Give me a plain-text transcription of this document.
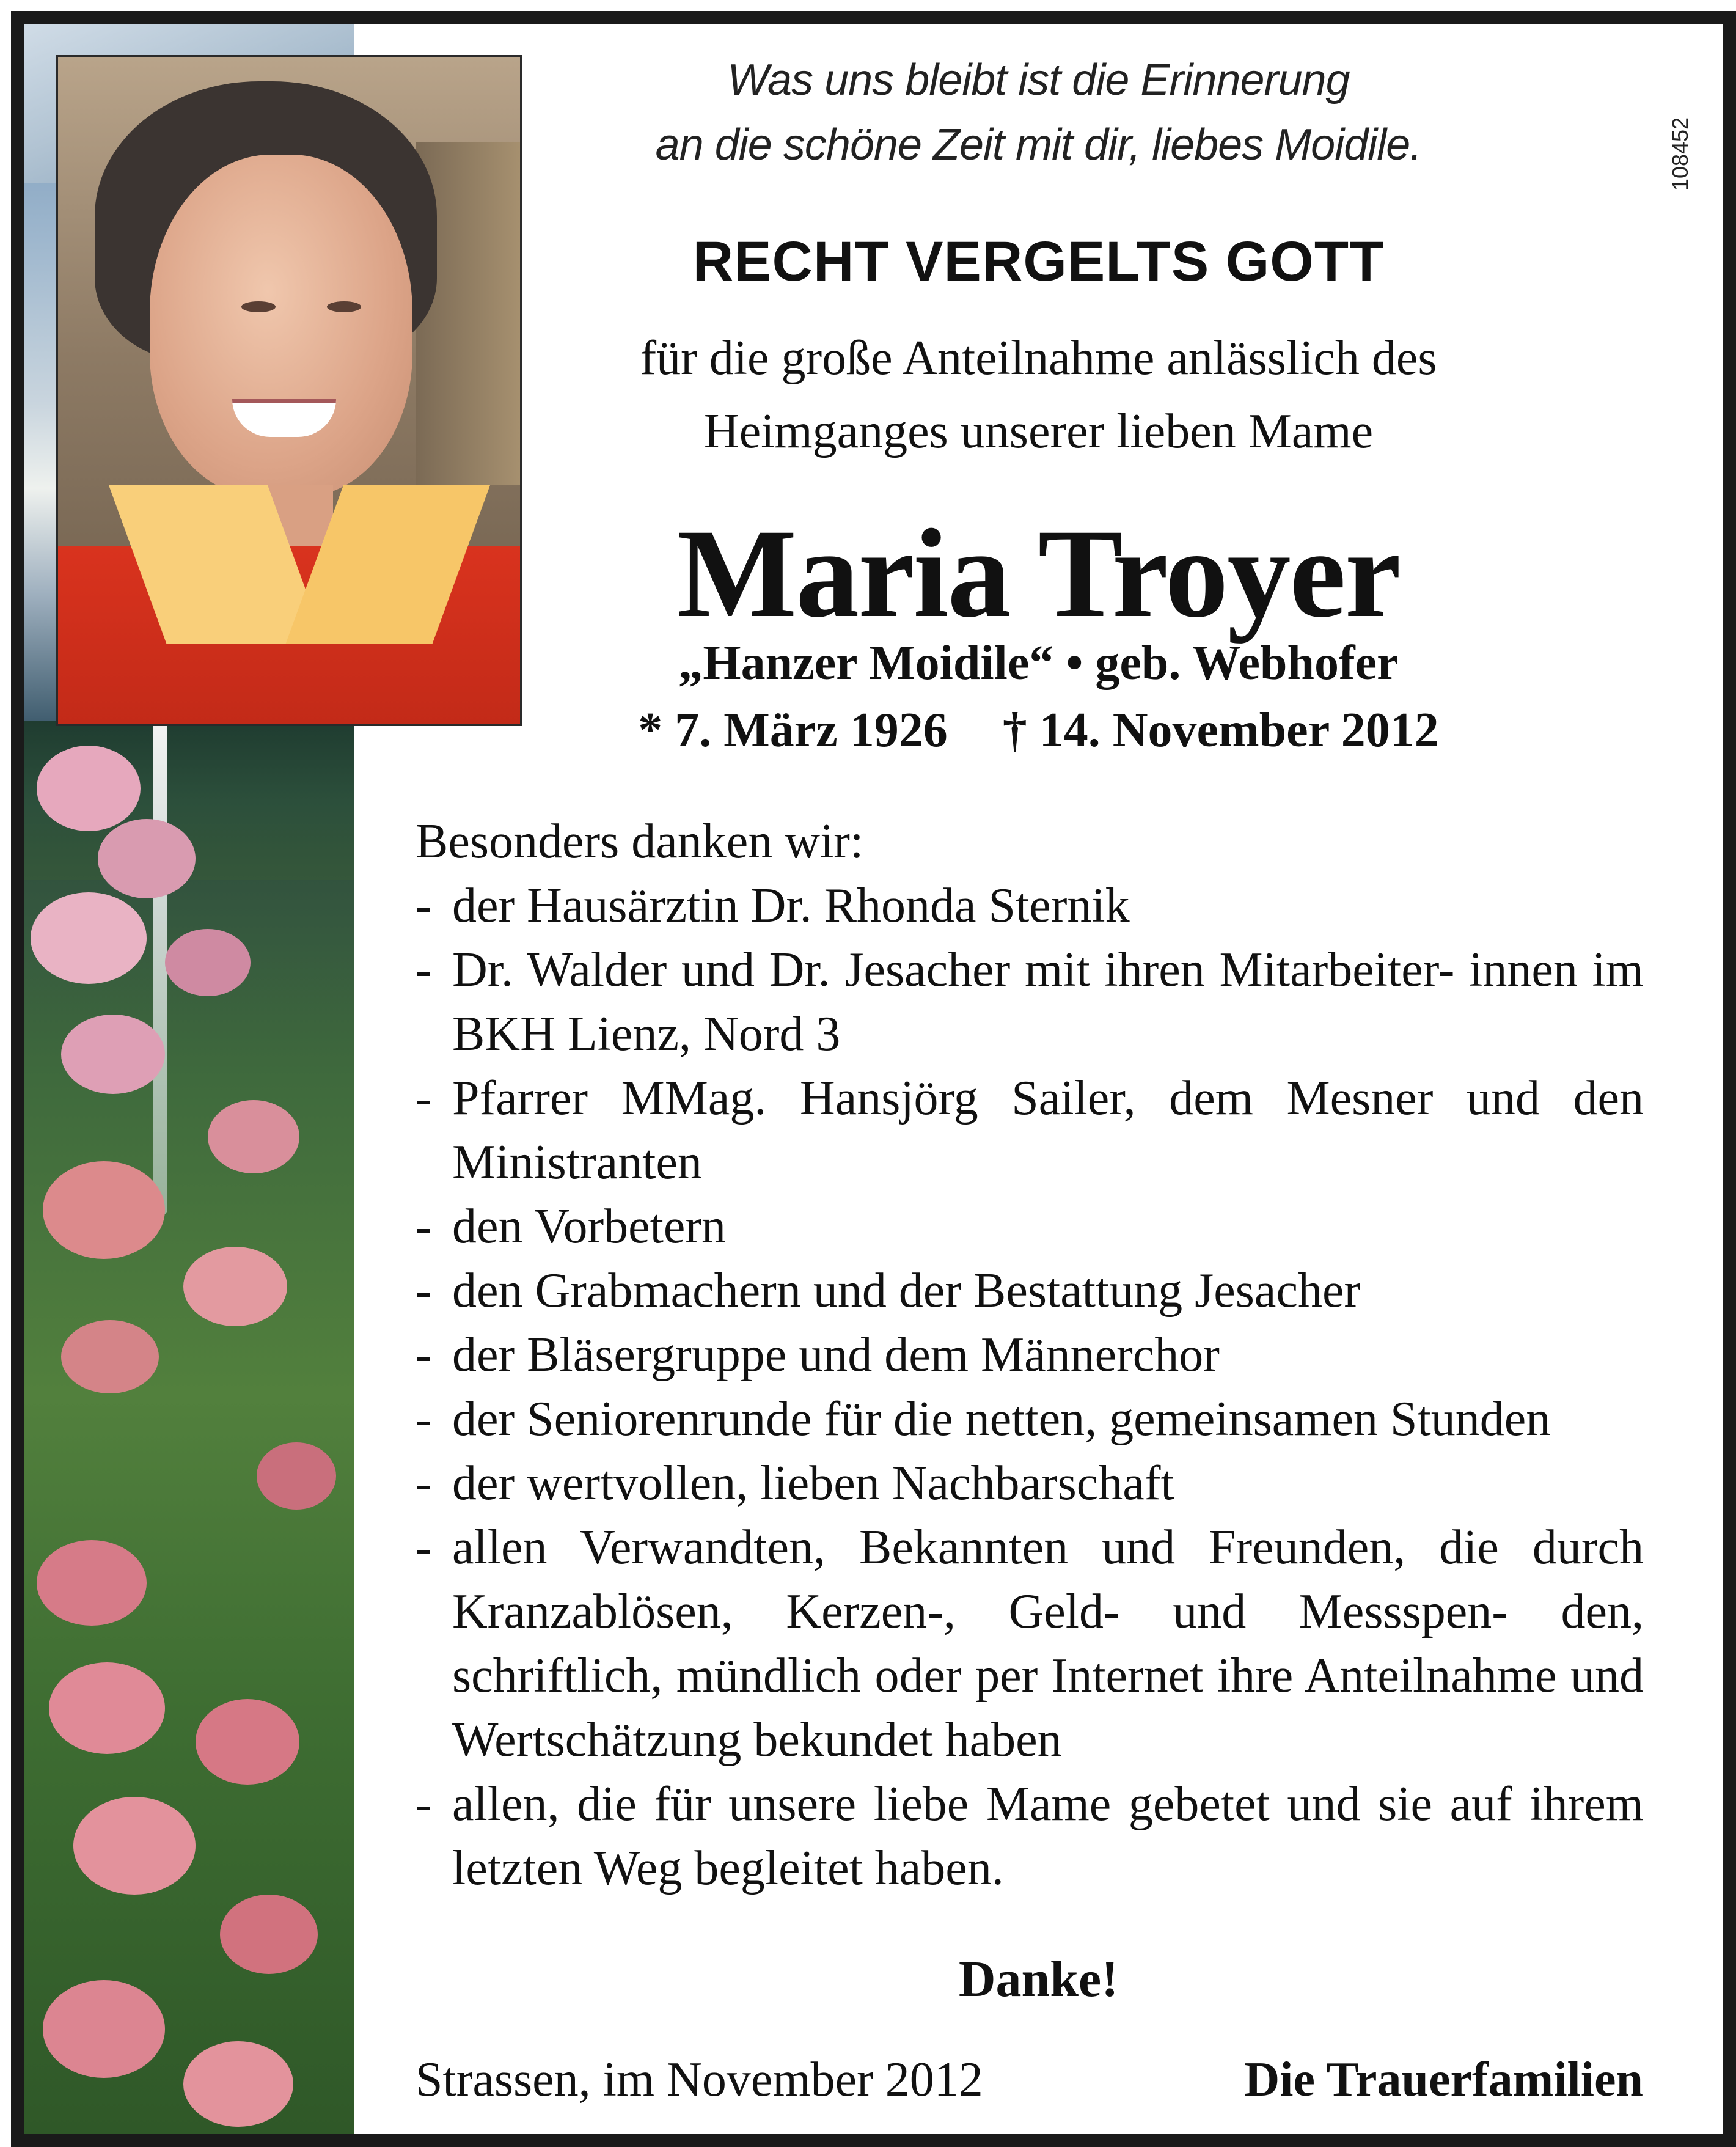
108452
Was uns bleibt ist die Erinnerung
an die schöne Zeit mit dir, liebes Moidile.
RECHT VERGELTS GOTT
für die große Anteilnahme anlässlich des
Heimganges unserer lieben Mame
Maria Troyer
„Hanzer Moidile“ • geb. Webhofer
* 7. März 1926 † 14. November 2012
Besonders danken wir:
- der Hausärztin Dr. Rhonda Sternik
- Dr. Walder und Dr. Jesacher mit ihren Mitarbeiter- innen im BKH Lienz, Nord 3
- Pfarrer MMag. Hansjörg Sailer, dem Mesner und den Ministranten
- den Vorbetern
- den Grabmachern und der Bestattung Jesacher
- der Bläsergruppe und dem Männerchor
- der Seniorenrunde für die netten, gemeinsamen Stunden
- der wertvollen, lieben Nachbarschaft
- allen Verwandten, Bekannten und Freunden, die durch Kranzablösen, Kerzen-, Geld- und Messspen- den, schriftlich, mündlich oder per Internet ihre Anteilnahme und Wertschätzung bekundet haben
- allen, die für unsere liebe Mame gebetet und sie auf ihrem letzten Weg begleitet haben.
Danke!
Strassen, im November 2012	Die Trauerfamilien
